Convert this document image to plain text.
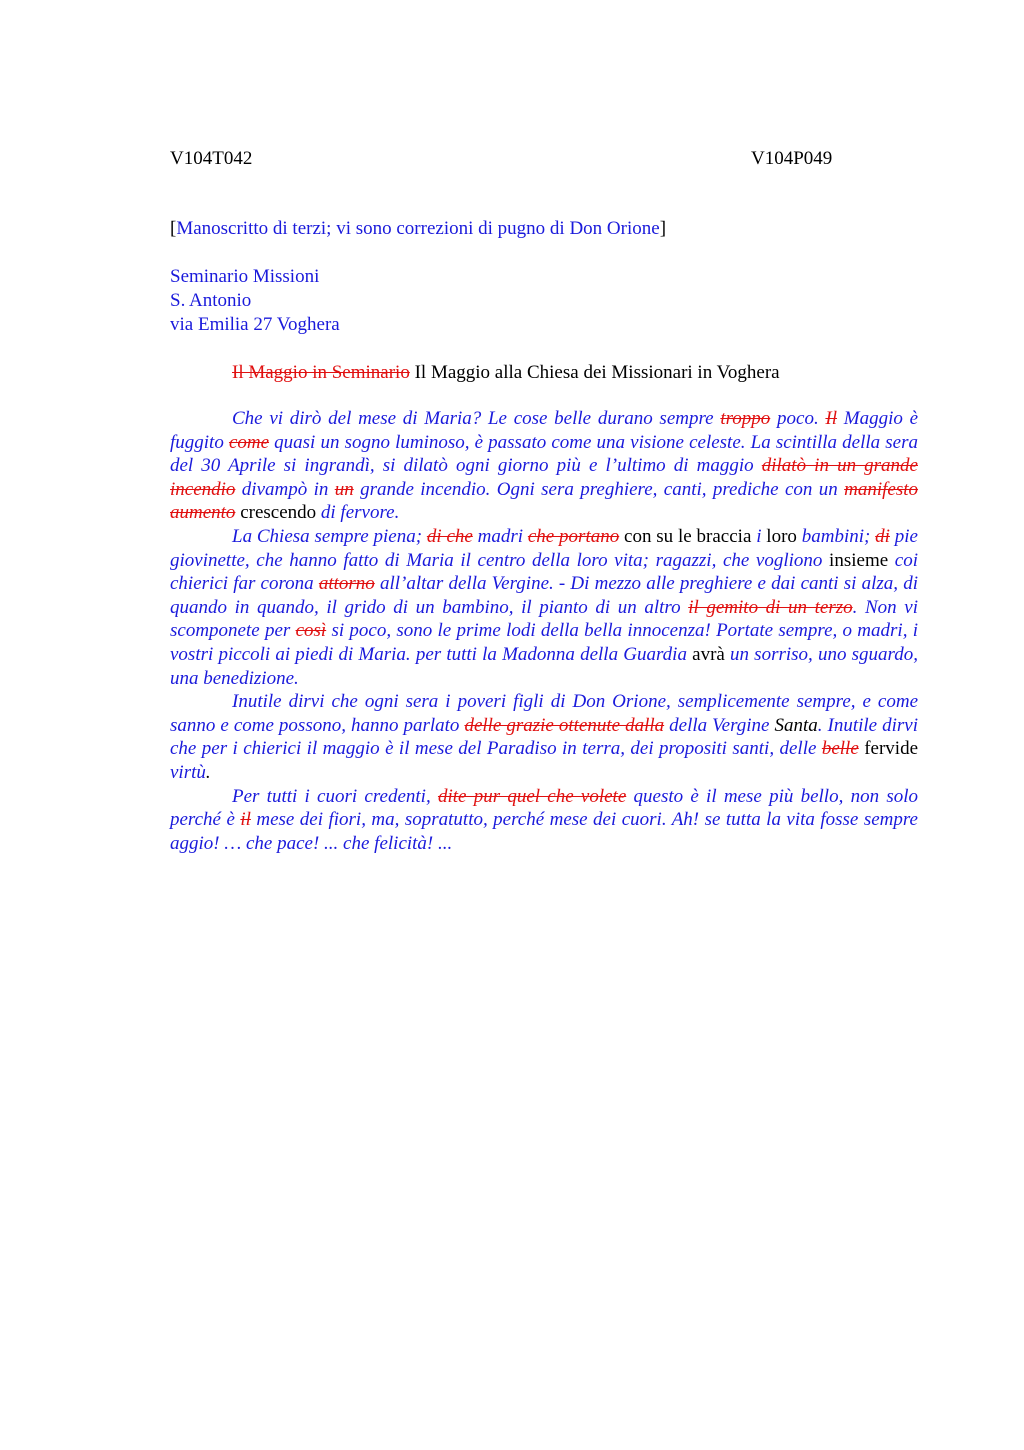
V104T042	V104P049
[Manoscritto di terzi; vi sono correzioni di pugno di Don Orione]
Seminario Missioni
S. Antonio
via Emilia 27 Voghera
Il Maggio in Seminario Il Maggio alla Chiesa dei Missionari in Voghera

Che vi dirò del mese di Maria? Le cose belle durano sempre troppo poco. Il Maggio è fuggito come quasi un sogno luminoso, è passato come una visione celeste. La scintilla della sera del 30 Aprile si ingrandì, si dilatò ogni giorno più e l’ultimo di maggio dilatò in un grande incendio divampò in un grande incendio. Ogni sera preghiere, canti, prediche con un manifesto aumento crescendo di fervore.

La Chiesa sempre piena; di che madri che portano con su le braccia i loro bambini; di pie giovinette, che hanno fatto di Maria il centro della loro vita; ragazzi, che vogliono insieme coi chierici far corona attorno all’altar della Vergine. - Di mezzo alle preghiere e dai canti si alza, di quando in quando, il grido di un bambino, il pianto di un altro il gemito di un terzo. Non vi scomponete per così si poco, sono le prime lodi della bella innocenza! Portate sempre, o madri, i vostri piccoli ai piedi di Maria. per tutti la Madonna della Guardia avrà un sorriso, uno sguardo, una benedizione.

Inutile dirvi che ogni sera i poveri figli di Don Orione, semplicemente sempre, e come sanno e come possono, hanno parlato delle grazie ottenute dalla della Vergine Santa. Inutile dirvi che per i chierici il maggio è il mese del Paradiso in terra, dei propositi santi, delle belle fervide virtù.

Per tutti i cuori credenti, dite pur quel che volete questo è il mese più bello, non solo perché è il mese dei fiori, ma, sopratutto, perché mese dei cuori. Ah! se tutta la vita fosse sempre aggio! … che pace! ... che felicità! ...
